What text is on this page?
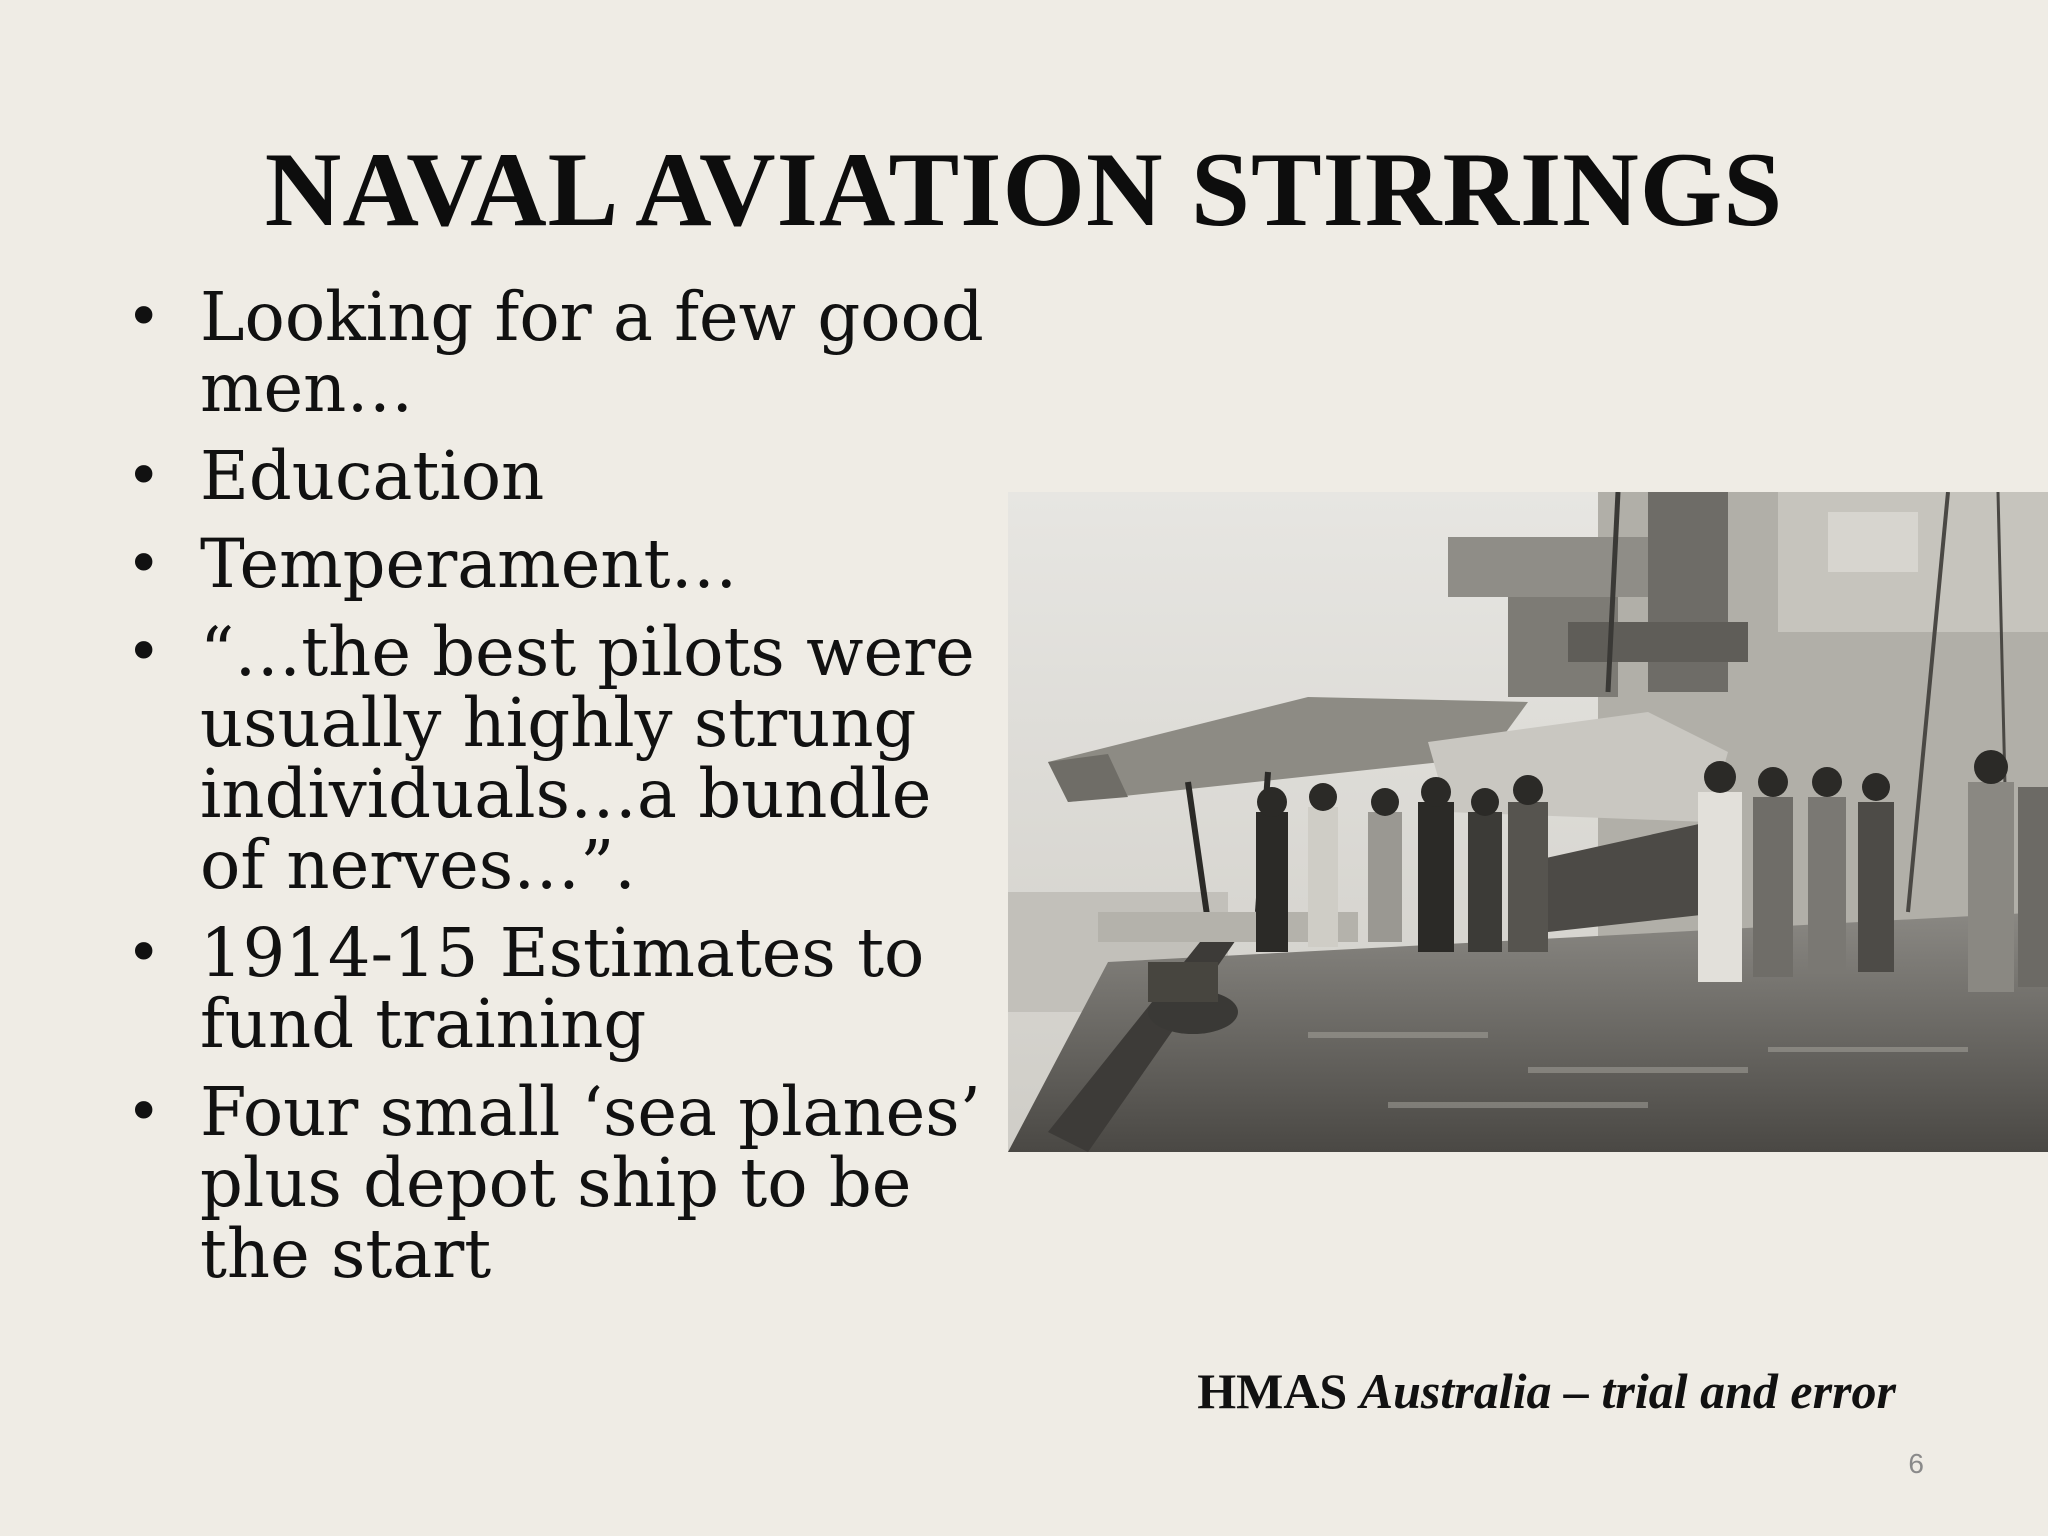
NAVAL AVIATION STIRRINGS
• Looking for a few good men…
• Education
• Temperament…
• “…the best pilots were usually highly strung individuals…a bundle of nerves…”.
• 1914-15 Estimates to fund training
• Four small ‘sea planes’ plus depot ship to be the start
HMAS Australia – trial and error
6
